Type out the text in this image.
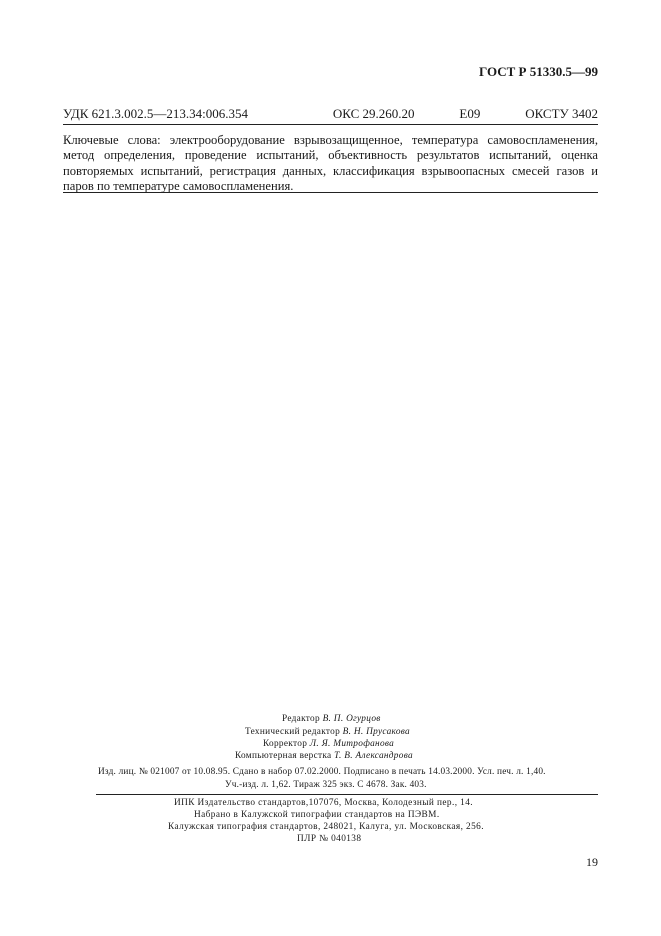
ГОСТ Р 51330.5—99
УДК 621.3.002.5—213.34:006.354	ОКС 29.260.20	Е09	ОКСТУ 3402
Ключевые слова: электрооборудование взрывозащищенное, температура самовоспламенения, метод определения, проведение испытаний, объективность результатов испытаний, оценка повторяемых испытаний, регистрация данных, классификация взрывоопасных смесей газов и паров по температуре самовоспламенения.
Редактор В. П. Огурцов
Технический редактор В. Н. Прусакова
Корректор Л. Я. Митрофанова
Компьютерная верстка Т. В. Александрова
Изд. лиц. № 021007 от 10.08.95. Сдано в набор 07.02.2000. Подписано в печать 14.03.2000. Усл. печ. л. 1,40.
Уч.-изд. л. 1,62. Тираж 325 экз. С 4678. Зак. 403.
ИПК Издательство стандартов,107076, Москва, Колодезный пер., 14.
Набрано в Калужской типографии стандартов на ПЭВМ.
Калужская типография стандартов, 248021, Калуга, ул. Московская, 256.
ПЛР № 040138
19
